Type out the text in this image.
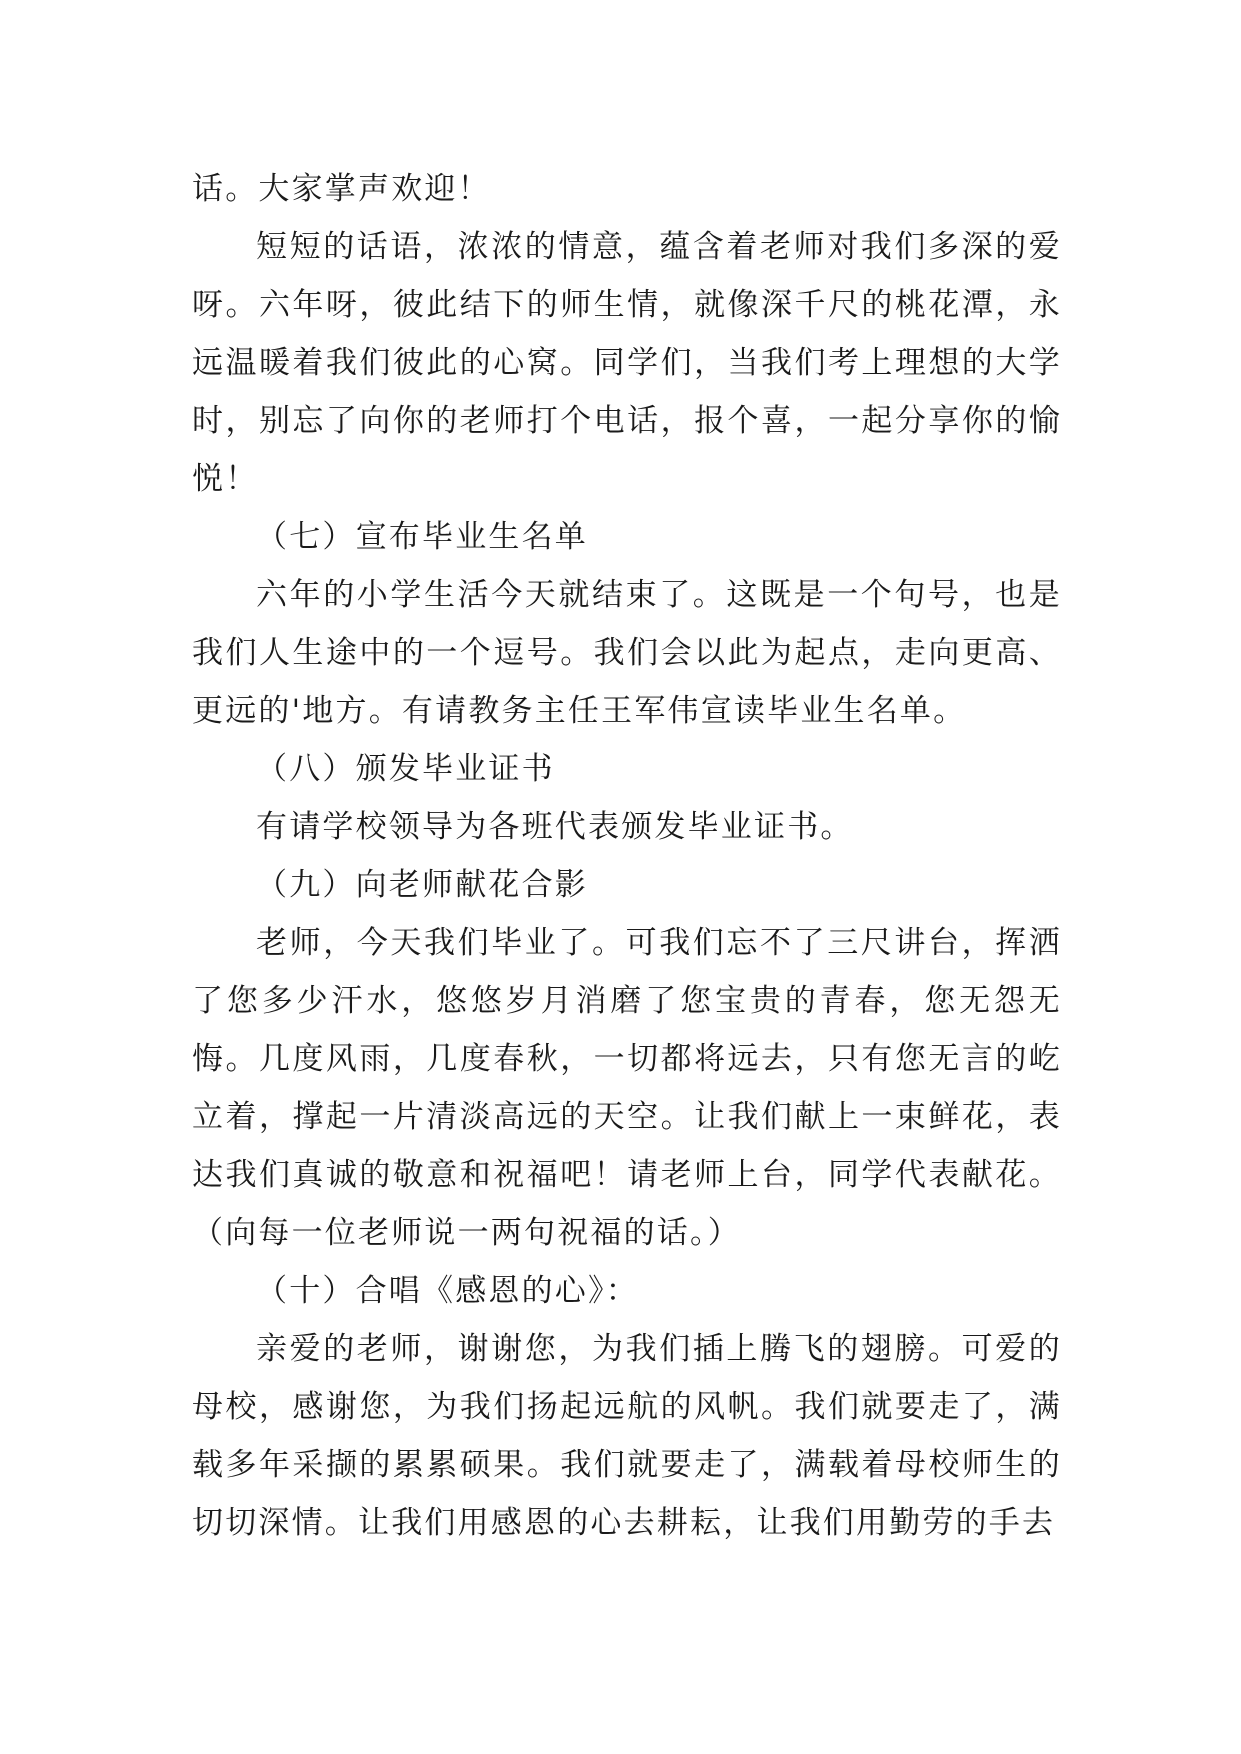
话。大家掌声欢迎！

短短的话语，浓浓的情意，蕴含着老师对我们多深的爱呀。六年呀，彼此结下的师生情，就像深千尺的桃花潭，永远温暖着我们彼此的心窝。同学们，当我们考上理想的大学时，别忘了向你的老师打个电话，报个喜，一起分享你的愉悦！

（七）宣布毕业生名单

六年的小学生活今天就结束了。这既是一个句号，也是我们人生途中的一个逗号。我们会以此为起点，走向更高、更远的'地方。有请教务主任王军伟宣读毕业生名单。

（八）颁发毕业证书

有请学校领导为各班代表颁发毕业证书。

（九）向老师献花合影

老师，今天我们毕业了。可我们忘不了三尺讲台，挥洒了您多少汗水，悠悠岁月消磨了您宝贵的青春，您无怨无悔。几度风雨，几度春秋，一切都将远去，只有您无言的屹立着，撑起一片清淡高远的天空。让我们献上一束鲜花，表达我们真诚的敬意和祝福吧！请老师上台，同学代表献花。（向每一位老师说一两句祝福的话。）

（十）合唱《感恩的心》：

亲爱的老师，谢谢您，为我们插上腾飞的翅膀。可爱的母校，感谢您，为我们扬起远航的风帆。我们就要走了，满载多年采撷的累累硕果。我们就要走了，满载着母校师生的切切深情。让我们用感恩的心去耕耘，让我们用勤劳的手去
